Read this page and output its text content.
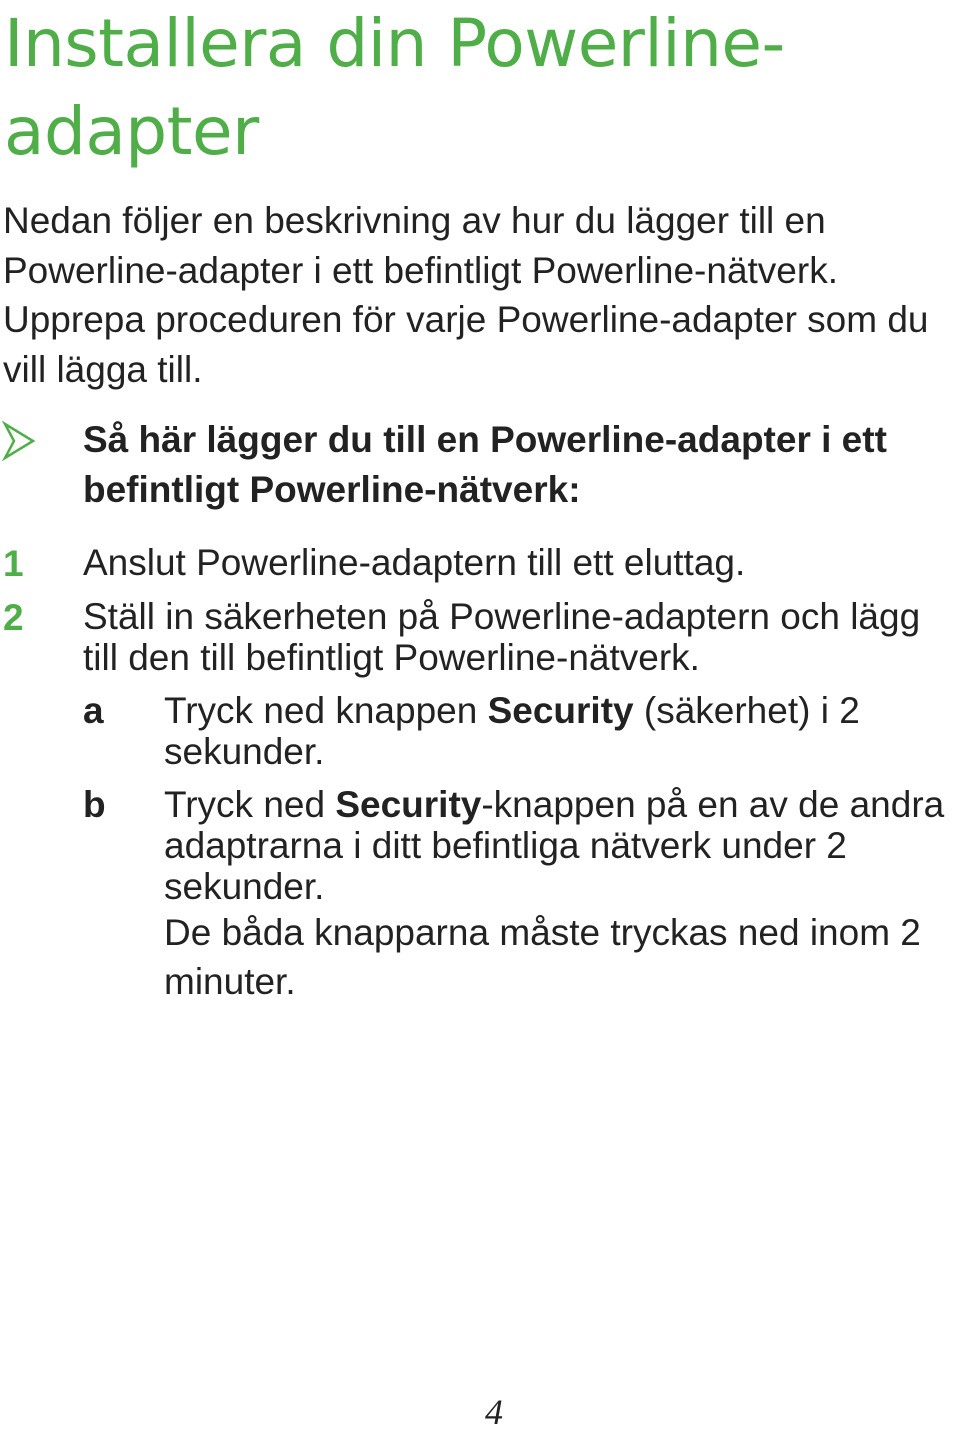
Installera din Powerline-adapter

Nedan följer en beskrivning av hur du lägger till en Powerline-adapter i ett befintligt Powerline-nätverk. Upprepa proceduren för varje Powerline-adapter som du vill lägga till.

Så här lägger du till en Powerline-adapter i ett befintligt Powerline-nätverk:

1 Anslut Powerline-adaptern till ett eluttag.
2 Ställ in säkerheten på Powerline-adaptern och lägg till den till befintligt Powerline-nätverk.
a Tryck ned knappen Security (säkerhet) i 2 sekunder.
b Tryck ned Security-knappen på en av de andra adaptrarna i ditt befintliga nätverk under 2 sekunder.
De båda knapparna måste tryckas ned inom 2 minuter.
4
